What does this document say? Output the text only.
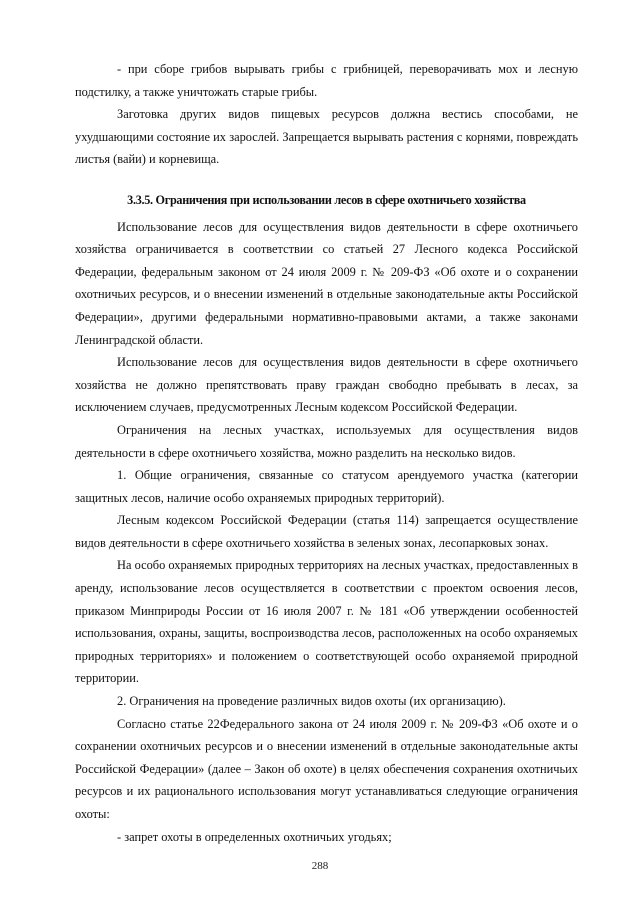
- при сборе грибов вырывать грибы с грибницей, переворачивать мох и лесную подстилку, а также уничтожать старые грибы.

Заготовка других видов пищевых ресурсов должна вестись способами, не ухудшающими состояние их зарослей. Запрещается вырывать растения с корнями, повреждать листья (вайи) и корневища.

3.3.5. Ограничения при использовании лесов в сфере охотничьего хозяйства

Использование лесов для осуществления видов деятельности в сфере охотничьего хозяйства ограничивается в соответствии со статьей 27 Лесного кодекса Российской Федерации, федеральным законом от 24 июля 2009 г. № 209-ФЗ «Об охоте и о сохранении охотничьих ресурсов, и о внесении изменений в отдельные законодательные акты Российской Федерации», другими федеральными нормативно-правовыми актами, а также законами Ленинградской области.

Использование лесов для осуществления видов деятельности в сфере охотничьего хозяйства не должно препятствовать праву граждан свободно пребывать в лесах, за исключением случаев, предусмотренных Лесным кодексом Российской Федерации.

Ограничения на лесных участках, используемых для осуществления видов деятельности в сфере охотничьего хозяйства, можно разделить на несколько видов.

1. Общие ограничения, связанные со статусом арендуемого участка (категории защитных лесов, наличие особо охраняемых природных территорий).

Лесным кодексом Российской Федерации (статья 114) запрещается осуществление видов деятельности в сфере охотничьего хозяйства в зеленых зонах, лесопарковых зонах.

На особо охраняемых природных территориях на лесных участках, предоставленных в аренду, использование лесов осуществляется в соответствии с проектом освоения лесов, приказом Минприроды России от 16 июля 2007 г. № 181 «Об утверждении особенностей использования, охраны, защиты, воспроизводства лесов, расположенных на особо охраняемых природных территориях» и положением о соответствующей особо охраняемой природной территории.

2. Ограничения на проведение различных видов охоты (их организацию).

Согласно статье 22Федерального закона от 24 июля 2009 г. № 209-ФЗ «Об охоте и о сохранении охотничьих ресурсов и о внесении изменений в отдельные законодательные акты Российской Федерации» (далее – Закон об охоте) в целях обеспечения сохранения охотничьих ресурсов и их рационального использования могут устанавливаться следующие ограничения охоты:

- запрет охоты в определенных охотничьих угодьях;

288
